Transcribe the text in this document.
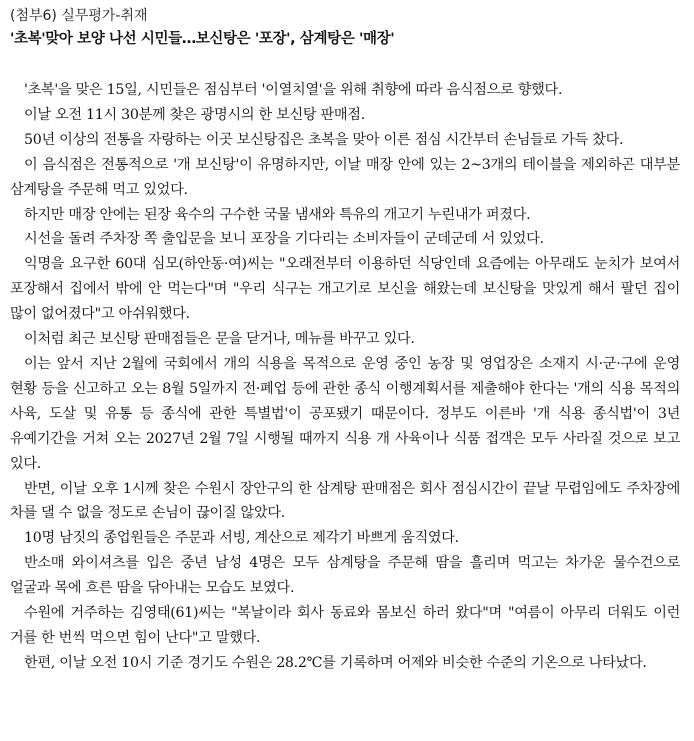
(첨부6) 실무평가-취재

'초복'맞아 보양 나선 시민들…보신탕은 '포장', 삼계탕은 '매장'

'초복'을 맞은 15일, 시민들은 점심부터 '이열치열'을 위해 취향에 따라 음식점으로 향했다.

이날 오전 11시 30분께 찾은 광명시의 한 보신탕 판매점.

50년 이상의 전통을 자랑하는 이곳 보신탕집은 초복을 맞아 이른 점심 시간부터 손님들로 가득 찼다.

이 음식점은 전통적으로 '개 보신탕'이 유명하지만, 이날 매장 안에 있는 2~3개의 테이블을 제외하곤 대부분 삼계탕을 주문해 먹고 있었다.

하지만 매장 안에는 된장 육수의 구수한 국물 냄새와 특유의 개고기 누린내가 퍼졌다.

시선을 돌려 주차장 쪽 출입문을 보니 포장을 기다리는 소비자들이 군데군데 서 있었다.

익명을 요구한 60대 심모(하안동·여)씨는 "오래전부터 이용하던 식당인데 요즘에는 아무래도 눈치가 보여서 포장해서 집에서 밖에 안 먹는다"며 "우리 식구는 개고기로 보신을 해왔는데 보신탕을 맛있게 해서 팔던 집이 많이 없어졌다"고 아쉬워했다.

이처럼 최근 보신탕 판매점들은 문을 닫거나, 메뉴를 바꾸고 있다.

이는 앞서 지난 2월에 국회에서 개의 식용을 목적으로 운영 중인 농장 및 영업장은 소재지 시·군·구에 운영 현황 등을 신고하고 오는 8월 5일까지 전·폐업 등에 관한 종식 이행계획서를 제출해야 한다는 '개의 식용 목적의 사육, 도살 및 유통 등 종식에 관한 특별법'이 공포됐기 때문이다. 정부도 이른바 '개 식용 종식법'이 3년 유예기간을 거쳐 오는 2027년 2월 7일 시행될 때까지 식용 개 사육이나 식품 접객은 모두 사라질 것으로 보고 있다.

반면, 이날 오후 1시께 찾은 수원시 장안구의 한 삼계탕 판매점은 회사 점심시간이 끝날 무렵임에도 주차장에 차를 댈 수 없을 정도로 손님이 끊이질 않았다.

10명 남짓의 종업원들은 주문과 서빙, 계산으로 제각기 바쁘게 움직였다.

반소매 와이셔츠를 입은 중년 남성 4명은 모두 삼계탕을 주문해 땀을 흘리며 먹고는 차가운 물수건으로 얼굴과 목에 흐른 땀을 닦아내는 모습도 보였다.

수원에 거주하는 김영태(61)씨는 "복날이라 회사 동료와 몸보신 하러 왔다"며 "여름이 아무리 더워도 이런 거를 한 번씩 먹으면 힘이 난다"고 말했다.

한편, 이날 오전 10시 기준 경기도 수원은 28.2℃를 기록하며 어제와 비슷한 수준의 기온으로 나타났다.
